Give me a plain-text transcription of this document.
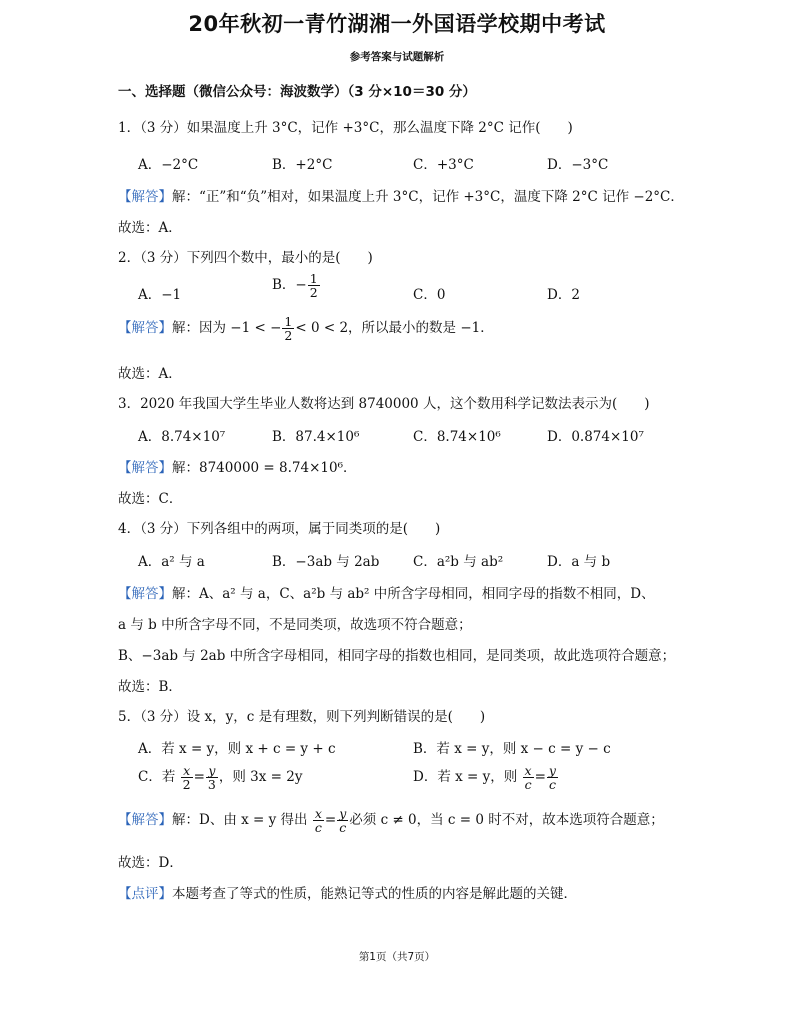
20年秋初一青竹湖湘一外国语学校期中考试
参考答案与试题解析
一、选择题（微信公众号：海波数学）（3 分×10＝30 分）
1．（3 分）如果温度上升 3°C，记作 +3°C，那么温度下降 2°C 记作(　　)
A．−2°C	B．+2°C	C．+3°C	D．−3°C
【解答】解：“正”和“负”相对，如果温度上升 3°C，记作 +3°C，温度下降 2°C 记作 −2°C．
故选：A．
2．（3 分）下列四个数中，最小的是(　　)
A．−1
B．− $\frac{1}{2}$	C．0	D．2
【解答】解：因为 −1 < − $\frac{1}{2} < 0 < 2$，所以最小的数是 −1．
故选：A．
3．2020 年我国大学生毕业人数将达到 8740000 人，这个数用科学记数法表示为(　　)
A．8.74×10⁷	B．87.4×10⁶	C．8.74×10⁶	D．0.874×10⁷
【解答】解：8740000 = 8.74×10⁶．
故选：C．
4．（3 分）下列各组中的两项，属于同类项的是(　　)
A．a² 与 a	B．−3ab 与 2ab C．a²b 与 ab²	D．a 与 b
【解答】解：A、a² 与 a，C、a²b 与 ab² 中所含字母相同，相同字母的指数不相同，D、
a 与 b 中所含字母不同，不是同类项，故选项不符合题意；
B、−3ab 与 2ab 中所含字母相同，相同字母的指数也相同，是同类项，故此选项符合题意；
故选：B．
5．（3 分）设 x，y，c 是有理数，则下列判断错误的是(　　)
A．若 x = y，则 x + c = y + c	B．若 x = y，则 x − c = y − c
C．若 $\frac{x}{2} = \frac{y}{3}$ ，则 3x = 2y	D．若 x = y，则 $\frac{x}{c} = \frac{y}{c}$
【解答】解：D、由 x = y 得出 $\frac{x}{c} = \frac{y}{c}$ 必须 c ≠ 0，当 c = 0 时不对，故本选项符合题意；
故选：D．
【点评】本题考查了等式的性质，能熟记等式的性质的内容是解此题的关键．
第1页（共7页）
